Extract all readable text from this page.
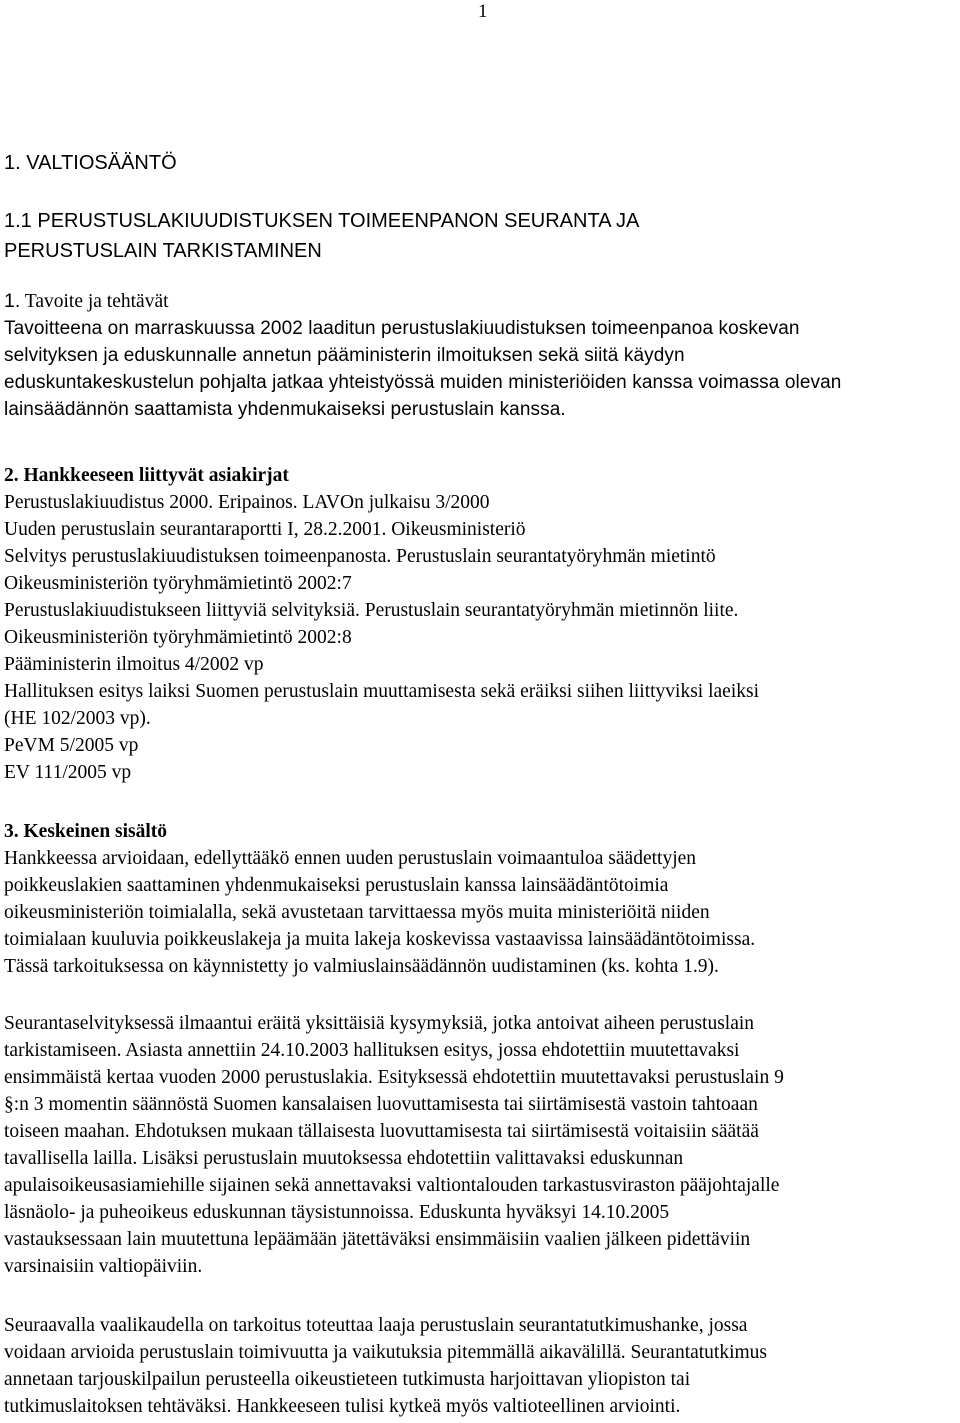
1
1. VALTIOSÄÄNTÖ
1.1 PERUSTUSLAKIUUDISTUKSEN TOIMEENPANON SEURANTA JA
PERUSTUSLAIN TARKISTAMINEN
1. Tavoite ja tehtävät
Tavoitteena on marraskuussa 2002 laaditun perustuslakiuudistuksen toimeenpanoa koskevan
selvityksen ja eduskunnalle annetun pääministerin ilmoituksen sekä siitä käydyn
eduskuntakeskustelun pohjalta jatkaa yhteistyössä muiden ministeriöiden kanssa voimassa olevan
lainsäädännön saattamista yhdenmukaiseksi perustuslain kanssa.
2. Hankkeeseen liittyvät asiakirjat
Perustuslakiuudistus 2000. Eripainos. LAVOn julkaisu 3/2000
Uuden perustuslain seurantaraportti I, 28.2.2001. Oikeusministeriö
Selvitys perustuslakiuudistuksen toimeenpanosta. Perustuslain seurantatyöryhmän mietintö
Oikeusministeriön työryhmämietintö 2002:7
Perustuslakiuudistukseen liittyviä selvityksiä. Perustuslain seurantatyöryhmän mietinnön liite.
Oikeusministeriön työryhmämietintö 2002:8
Pääministerin ilmoitus 4/2002 vp
Hallituksen esitys laiksi Suomen perustuslain muuttamisesta sekä eräiksi siihen liittyviksi laeiksi
(HE 102/2003 vp).
PeVM 5/2005 vp
EV 111/2005 vp
3. Keskeinen sisältö
Hankkeessa arvioidaan, edellyttääkö ennen uuden perustuslain voimaantuloa säädettyjen
poikkeuslakien saattaminen yhdenmukaiseksi perustuslain kanssa lainsäädäntötoimia
oikeusministeriön toimialalla, sekä avustetaan tarvittaessa myös muita ministeriöitä niiden
toimialaan kuuluvia poikkeuslakeja ja muita lakeja koskevissa vastaavissa lainsäädäntötoimissa.
Tässä tarkoituksessa on käynnistetty jo valmiuslainsäädännön uudistaminen (ks. kohta 1.9).
Seurantaselvityksessä ilmaantui eräitä yksittäisiä kysymyksiä, jotka antoivat aiheen perustuslain
tarkistamiseen. Asiasta annettiin 24.10.2003 hallituksen esitys, jossa ehdotettiin muutettavaksi
ensimmäistä kertaa vuoden 2000 perustuslakia. Esityksessä ehdotettiin muutettavaksi perustuslain 9
§:n 3 momentin säännöstä Suomen kansalaisen luovuttamisesta tai siirtämisestä vastoin tahtoaan
toiseen maahan. Ehdotuksen mukaan tällaisesta luovuttamisesta tai siirtämisestä voitaisiin säätää
tavallisella lailla. Lisäksi perustuslain muutoksessa ehdotettiin valittavaksi eduskunnan
apulaisoikeusasiamiehille sijainen sekä annettavaksi valtiontalouden tarkastusviraston pääjohtajalle
läsnäolo- ja puheoikeus eduskunnan täysistunnoissa. Eduskunta hyväksyi 14.10.2005
vastauksessaan lain muutettuna lepäämään jätettäväksi ensimmäisiin vaalien jälkeen pidettäviin
varsinaisiin valtiopäiviin.
Seuraavalla vaalikaudella on tarkoitus toteuttaa laaja perustuslain seurantatutkimushanke, jossa
voidaan arvioida perustuslain toimivuutta ja vaikutuksia pitemmällä aikavälillä. Seurantatutkimus
annetaan tarjouskilpailun perusteella oikeustieteen tutkimusta harjoittavan yliopiston tai
tutkimuslaitoksen tehtäväksi. Hankkeeseen tulisi kytkeä myös valtioteellinen arviointi.
